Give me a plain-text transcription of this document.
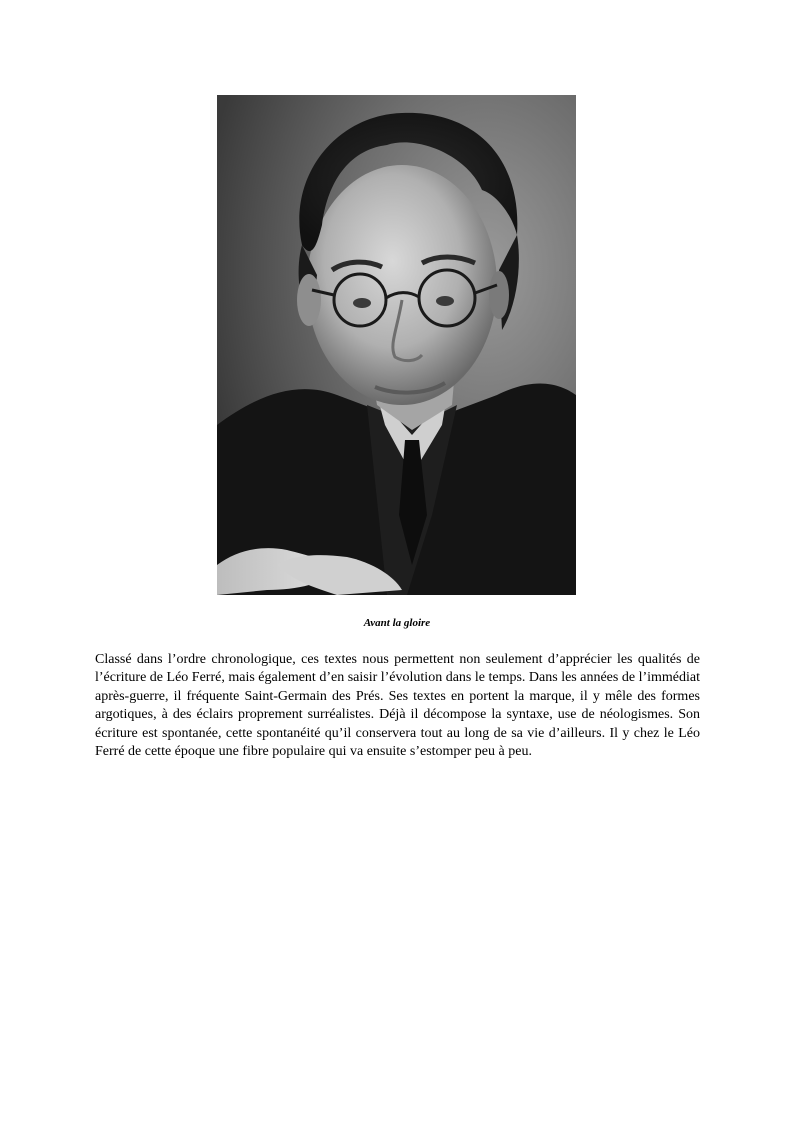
Avant la gloire

Classé dans l’ordre chronologique, ces textes nous permettent non seulement d’apprécier les qualités de l’écriture de Léo Ferré, mais également d’en saisir l’évolution dans le temps. Dans les années de l’immédiat après-guerre, il fréquente Saint-Germain des Prés. Ses textes en portent la marque, il y mêle des formes argotiques, à des éclairs proprement surréalistes. Déjà il décompose la syntaxe, use de néologismes. Son écriture est spontanée, cette spontanéité qu’il conservera tout au long de sa vie d’ailleurs. Il y chez le Léo Ferré de cette époque une fibre populaire qui va ensuite s’estomper peu à peu.
